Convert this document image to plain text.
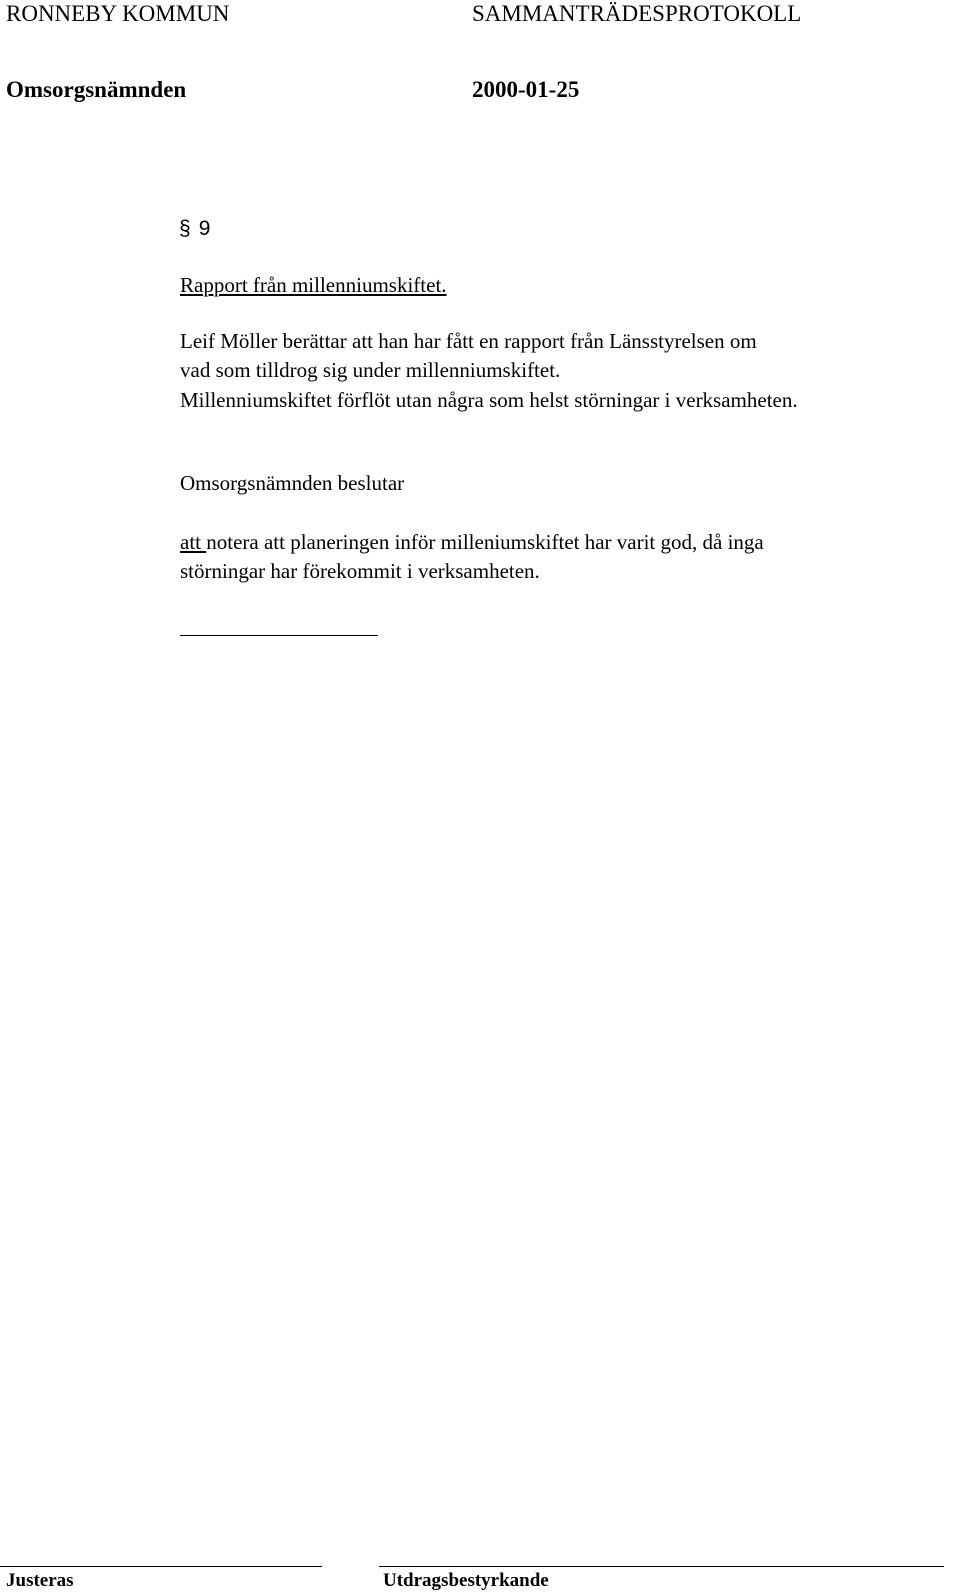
RONNEBY KOMMUN	SAMMANTRÄDESPROTOKOLL
Omsorgsnämnden	2000-01-25
§ 9
Rapport från millenniumskiftet.
Leif Möller berättar att han har fått en rapport från Länsstyrelsen om
vad som tilldrog sig under millenniumskiftet.
Millenniumskiftet förflöt utan några som helst störningar i verksamheten.
Omsorgsnämnden beslutar
att notera att planeringen inför milleniumskiftet har varit god, då inga
störningar har förekommit i verksamheten.
Justeras	Utdragsbestyrkande
